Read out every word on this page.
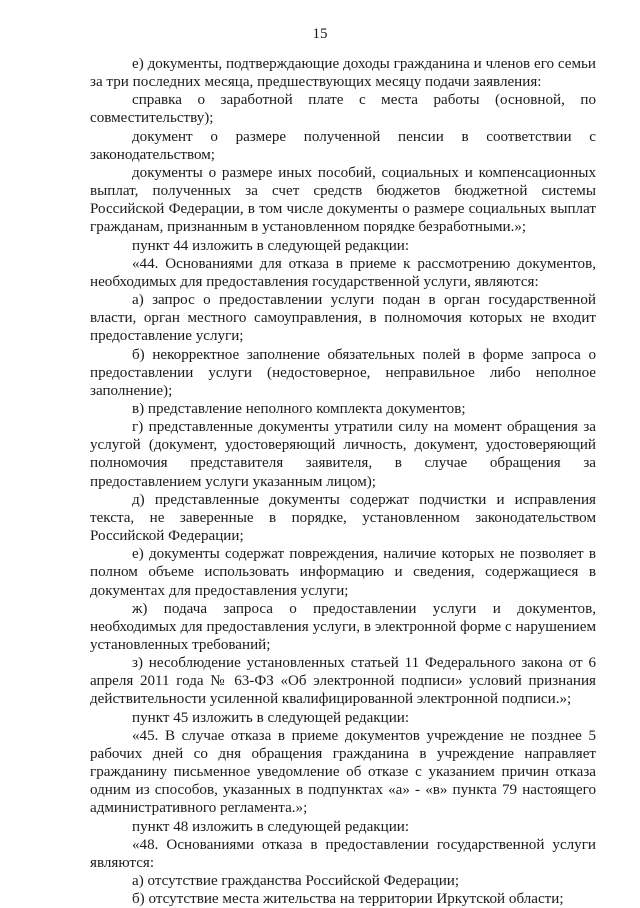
15

е) документы, подтверждающие доходы гражданина и членов его семьи за три последних месяца, предшествующих месяцу подачи заявления:

справка о заработной плате с места работы (основной, по совместительству);

документ о размере полученной пенсии в соответствии с законодательством;

документы о размере иных пособий, социальных и компенсационных выплат, полученных за счет средств бюджетов бюджетной системы Российской Федерации, в том числе документы о размере социальных выплат гражданам, признанным в установленном порядке безработными.»;

пункт 44 изложить в следующей редакции:

«44. Основаниями для отказа в приеме к рассмотрению документов, необходимых для предоставления государственной услуги, являются:

а) запрос о предоставлении услуги подан в орган государственной власти, орган местного самоуправления, в полномочия которых не входит предоставление услуги;

б) некорректное заполнение обязательных полей в форме запроса о предоставлении услуги (недостоверное, неправильное либо неполное заполнение);

в) представление неполного комплекта документов;

г) представленные документы утратили силу на момент обращения за услугой (документ, удостоверяющий личность, документ, удостоверяющий полномочия представителя заявителя, в случае обращения за предоставлением услуги указанным лицом);

д) представленные документы содержат подчистки и исправления текста, не заверенные в порядке, установленном законодательством Российской Федерации;

е) документы содержат повреждения, наличие которых не позволяет в полном объеме использовать информацию и сведения, содержащиеся в документах для предоставления услуги;

ж) подача запроса о предоставлении услуги и документов, необходимых для предоставления услуги, в электронной форме с нарушением установленных требований;

з) несоблюдение установленных статьей 11 Федерального закона от 6 апреля 2011 года № 63-ФЗ «Об электронной подписи» условий признания действительности усиленной квалифицированной электронной подписи.»;

пункт 45 изложить в следующей редакции:

«45. В случае отказа в приеме документов учреждение не позднее 5 рабочих дней со дня обращения гражданина в учреждение направляет гражданину письменное уведомление об отказе с указанием причин отказа одним из способов, указанных в подпунктах «а» - «в» пункта 79 настоящего административного регламента.»;

пункт 48 изложить в следующей редакции:

«48. Основаниями отказа в предоставлении государственной услуги являются:

а) отсутствие гражданства Российской Федерации;

б) отсутствие места жительства на территории Иркутской области;
